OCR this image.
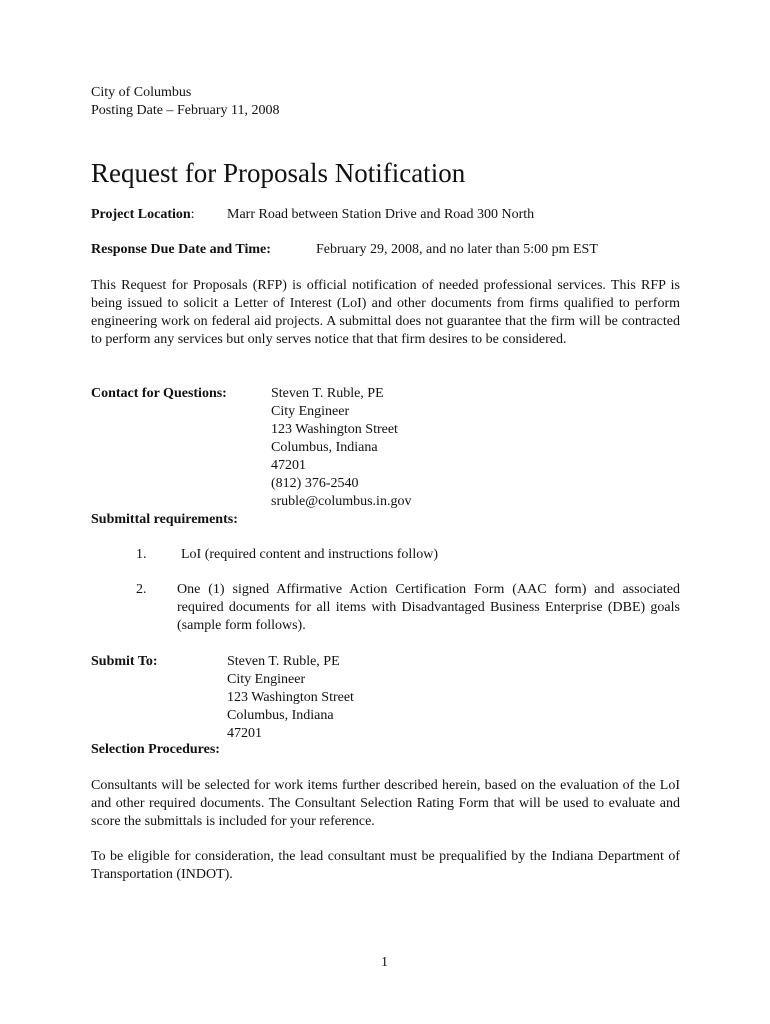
City of Columbus
Posting Date – February 11, 2008
Request for Proposals Notification
Project Location: Marr Road between Station Drive and Road 300 North
Response Due Date and Time:	February 29, 2008, and no later than 5:00 pm EST
This Request for Proposals (RFP) is official notification of needed professional services. This RFP is being issued to solicit a Letter of Interest (LoI) and other documents from firms qualified to perform engineering work on federal aid projects. A submittal does not guarantee that the firm will be contracted to perform any services but only serves notice that that firm desires to be considered.
Contact for Questions:	Steven T. Ruble, PE
City Engineer
123 Washington Street
Columbus, Indiana
47201
(812) 376-2540
sruble@columbus.in.gov
Submittal requirements:
1. LoI (required content and instructions follow)
2. One (1) signed Affirmative Action Certification Form (AAC form) and associated required documents for all items with Disadvantaged Business Enterprise (DBE) goals (sample form follows).
Submit To:	Steven T. Ruble, PE
City Engineer
123 Washington Street
Columbus, Indiana
47201
Selection Procedures:
Consultants will be selected for work items further described herein, based on the evaluation of the LoI and other required documents. The Consultant Selection Rating Form that will be used to evaluate and score the submittals is included for your reference.
To be eligible for consideration, the lead consultant must be prequalified by the Indiana Department of Transportation (INDOT).
1
